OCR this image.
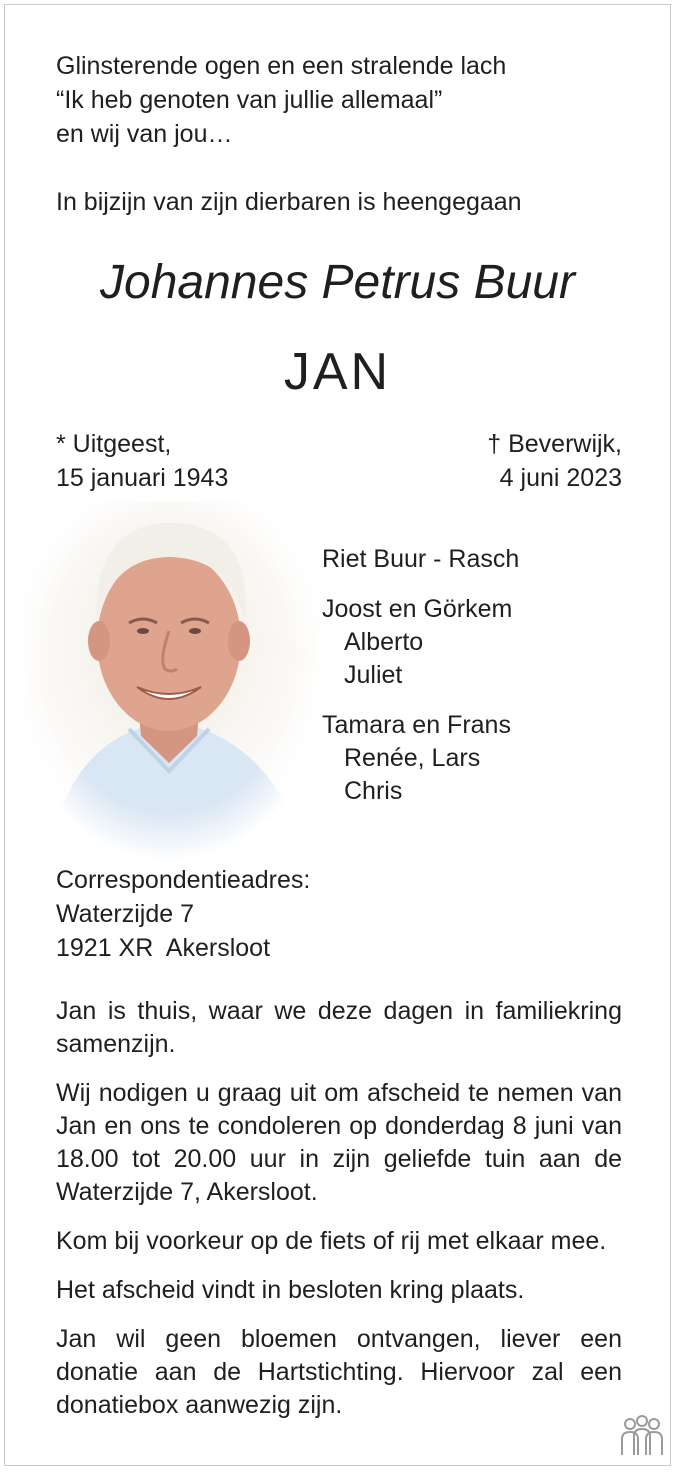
Glinsterende ogen en een stralende lach
“Ik heb genoten van jullie allemaal”
en wij van jou…
In bijzijn van zijn dierbaren is heengegaan
Johannes Petrus Buur
JAN
* Uitgeest,
15 januari 1943
† Beverwijk,
4 juni 2023
Riet Buur - Rasch
Joost en Görkem
Alberto
Juliet
Tamara en Frans
Renée, Lars
Chris
Correspondentieadres:
Waterzijde 7
1921 XR  Akersloot

Jan is thuis, waar we deze dagen in familiekring samenzijn.

Wij nodigen u graag uit om afscheid te nemen van Jan en ons te condoleren op donderdag 8 juni van 18.00 tot 20.00 uur in zijn geliefde tuin aan de Waterzijde 7, Akersloot.

Kom bij voorkeur op de fiets of rij met elkaar mee.

Het afscheid vindt in besloten kring plaats.

Jan wil geen bloemen ontvangen, liever een donatie aan de Hartstichting. Hiervoor zal een donatiebox aanwezig zijn.
